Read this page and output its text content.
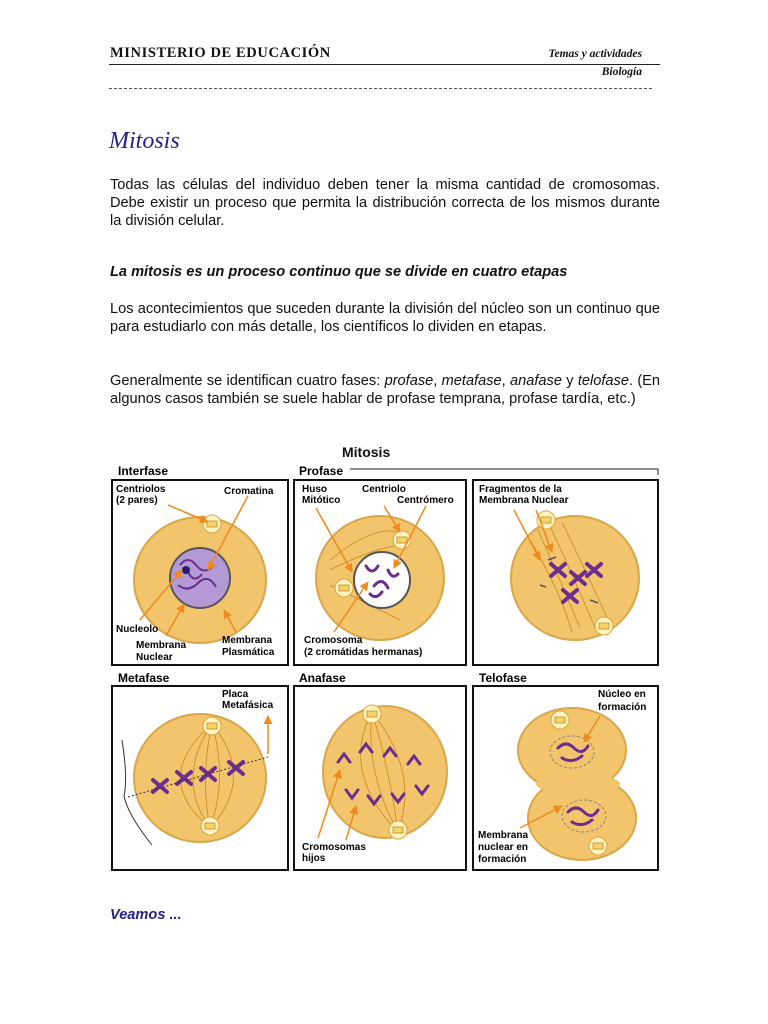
MINISTERIO DE EDUCACIÓN	Temas y actividades
Biología
Mitosis

Todas las células del individuo deben tener la misma cantidad de cromosomas. Debe existir un proceso que permita la distribución correcta de los mismos durante la división celular.

La mitosis es un proceso continuo que se divide en cuatro etapas

Los acontecimientos que suceden durante la división del núcleo son un continuo que para estudiarlo con más detalle, los científicos lo dividen en etapas.

Generalmente se identifican cuatro fases: profase, metafase, anafase y telofase. (En algunos casos también se suele hablar de profase temprana, profase tardía, etc.)

Mitosis
Interfase	Profase
Metafase	Anafase	Telofase
Centriolos
(2 pares)
Cromatina
Nucleolo
Membrana
Nuclear
Membrana
Plasmática
Huso
Mitótico
Centriolo
Centrómero
Cromosoma
(2 cromátidas hermanas)
Fragmentos de la
Membrana Nuclear
Placa
Metafásica
Cromosomas
hijos
Núcleo en
formación
Membrana
nuclear en
formación
Veamos ...
